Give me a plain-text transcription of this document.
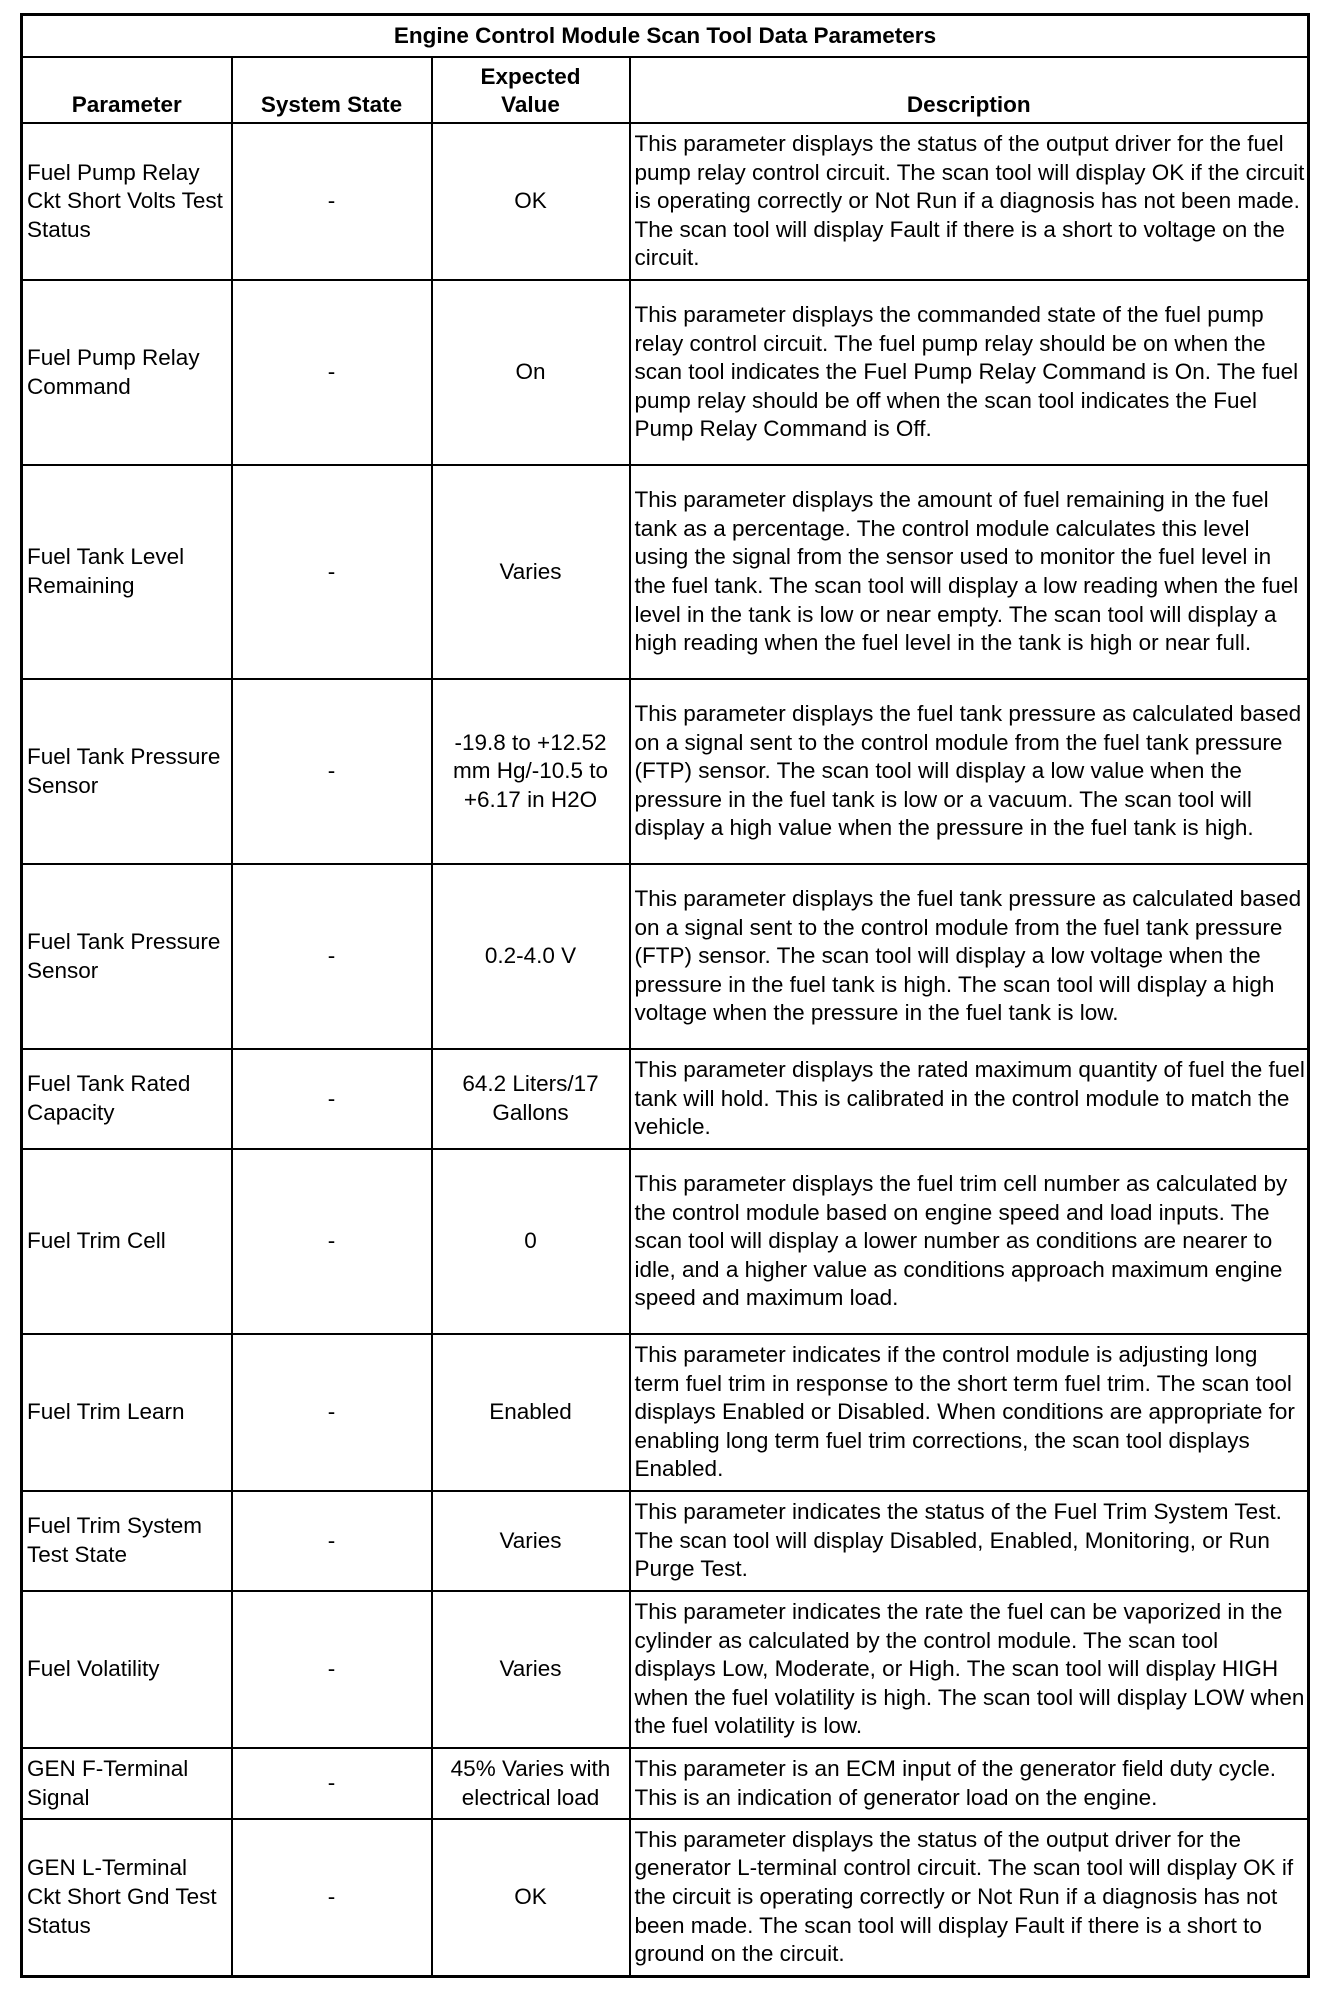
Engine Control Module Scan Tool Data Parameters			
Parameter	System State	Expected Value	Description
Fuel Pump Relay Ckt Short Volts Test Status	-	OK	This parameter displays the status of the output driver for the fuel pump relay control circuit. The scan tool will display OK if the circuit is operating correctly or Not Run if a diagnosis has not been made. The scan tool will display Fault if there is a short to voltage on the circuit.
Fuel Pump Relay Command	-	On	This parameter displays the commanded state of the fuel pump relay control circuit. The fuel pump relay should be on when the scan tool indicates the Fuel Pump Relay Command is On. The fuel pump relay should be off when the scan tool indicates the Fuel Pump Relay Command is Off.
Fuel Tank Level Remaining	-	Varies	This parameter displays the amount of fuel remaining in the fuel tank as a percentage. The control module calculates this level using the signal from the sensor used to monitor the fuel level in the fuel tank. The scan tool will display a low reading when the fuel level in the tank is low or near empty. The scan tool will display a high reading when the fuel level in the tank is high or near full.
Fuel Tank Pressure Sensor	-	-19.8 to +12.52 mm Hg/-10.5 to +6.17 in H2O	This parameter displays the fuel tank pressure as calculated based on a signal sent to the control module from the fuel tank pressure (FTP) sensor. The scan tool will display a low value when the pressure in the fuel tank is low or a vacuum. The scan tool will display a high value when the pressure in the fuel tank is high.
Fuel Tank Pressure Sensor	-	0.2-4.0 V	This parameter displays the fuel tank pressure as calculated based on a signal sent to the control module from the fuel tank pressure (FTP) sensor. The scan tool will display a low voltage when the pressure in the fuel tank is high. The scan tool will display a high voltage when the pressure in the fuel tank is low.
Fuel Tank Rated Capacity	-	64.2 Liters/17 Gallons	This parameter displays the rated maximum quantity of fuel the fuel tank will hold. This is calibrated in the control module to match the vehicle.
Fuel Trim Cell	-	0	This parameter displays the fuel trim cell number as calculated by the control module based on engine speed and load inputs. The scan tool will display a lower number as conditions are nearer to idle, and a higher value as conditions approach maximum engine speed and maximum load.
Fuel Trim Learn	-	Enabled	This parameter indicates if the control module is adjusting long term fuel trim in response to the short term fuel trim. The scan tool displays Enabled or Disabled. When conditions are appropriate for enabling long term fuel trim corrections, the scan tool displays Enabled.
Fuel Trim System Test State	-	Varies	This parameter indicates the status of the Fuel Trim System Test. The scan tool will display Disabled, Enabled, Monitoring, or Run Purge Test.
Fuel Volatility	-	Varies	This parameter indicates the rate the fuel can be vaporized in the cylinder as calculated by the control module. The scan tool displays Low, Moderate, or High. The scan tool will display HIGH when the fuel volatility is high. The scan tool will display LOW when the fuel volatility is low.
GEN F-Terminal Signal	-	45% Varies with electrical load	This parameter is an ECM input of the generator field duty cycle. This is an indication of generator load on the engine.
GEN L-Terminal Ckt Short Gnd Test Status	-	OK	This parameter displays the status of the output driver for the generator L-terminal control circuit. The scan tool will display OK if the circuit is operating correctly or Not Run if a diagnosis has not been made. The scan tool will display Fault if there is a short to ground on the circuit.
